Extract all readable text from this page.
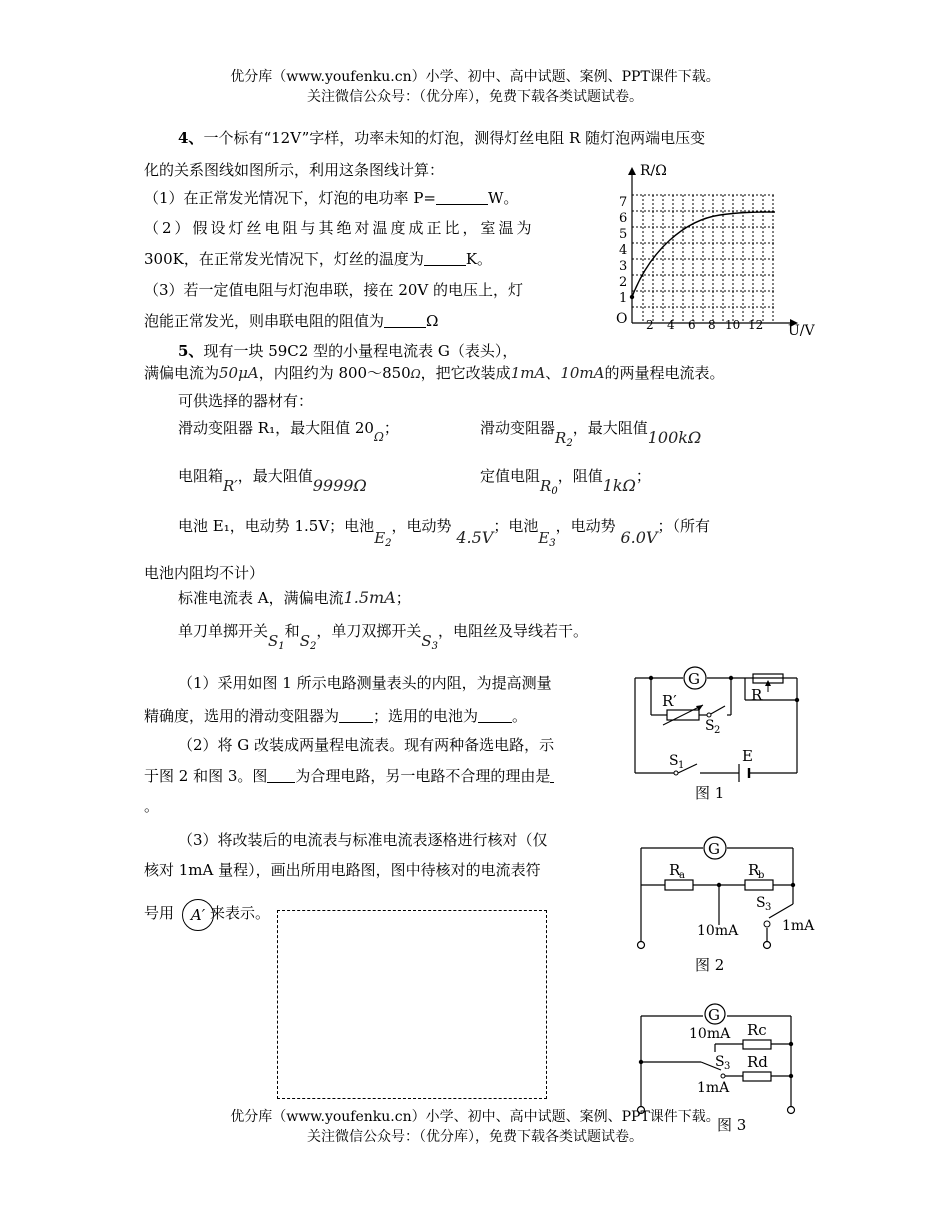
优分库（www.youfenku.cn）小学、初中、高中试题、案例、PPT课件下载。
关注微信公众号：（优分库），免费下载各类试题试卷。
4、一个标有“12V”字样，功率未知的灯泡，测得灯丝电阻 R 随灯泡两端电压变
化的关系图线如图所示，利用这条图线计算：
（1）在正常发光情况下，灯泡的电功率 P=	W。
（2）假设灯丝电阻与其绝对温度成正比，室温为
300K，在正常发光情况下，灯丝的温度为	K。
（3）若一定值电阻与灯泡串联，接在 20V 的电压上，灯
泡能正常发光，则串联电阻的阻值为	Ω
R/Ω
U/V
O
1
2
3
4
5
6
7
2 4 6 8 10 12
5、现有一块 59C2 型的小量程电流表 G（表头），
满偏电流为50μA，内阻约为 800～850Ω，把它改装成1mA、10mA的两量程电流表。
可供选择的器材有：
滑动变阻器 R₁，最大阻值 $20_\Omega$；	滑动变阻器$R_2$，最大阻值100kΩ
电阻箱R′，最大阻值9999Ω	定值电阻$R_0$，阻值1kΩ；
电池 E₁，电动势 1.5V；电池$E_2$，电动势 4.5V；电池$E_3$，电动势 6.0V；（所有
电池内阻均不计）
标准电流表 A，满偏电流1.5mA；
单刀单掷开关$S_1$和$S_2$，单刀双掷开关$S_3$，电阻丝及导线若干。
（1）采用如图 1 所示电路测量表头的内阻，为提高测量
精确度，选用的滑动变阻器为 ；选用的电池为 。
（2）将 G 改装成两量程电流表。现有两种备选电路，示
于图 2 和图 3。图 为合理电路，另一电路不合理的理由是
。
（3）将改装后的电流表与标准电流表逐格进行核对（仅
核对 1mA 量程），画出所用电路图，图中待核对的电流表符
号用 来表示。
A′
G
R′	R
S 2
S 1
E
图 1
G
R
a	R
b
S 3
10mA	1mA
图 2
G
10mA Rc
S 3 Rd
1mA
图 3
优分库（www.youfenku.cn）小学、初中、高中试题、案例、PPT课件下载。
关注微信公众号：（优分库），免费下载各类试题试卷。
